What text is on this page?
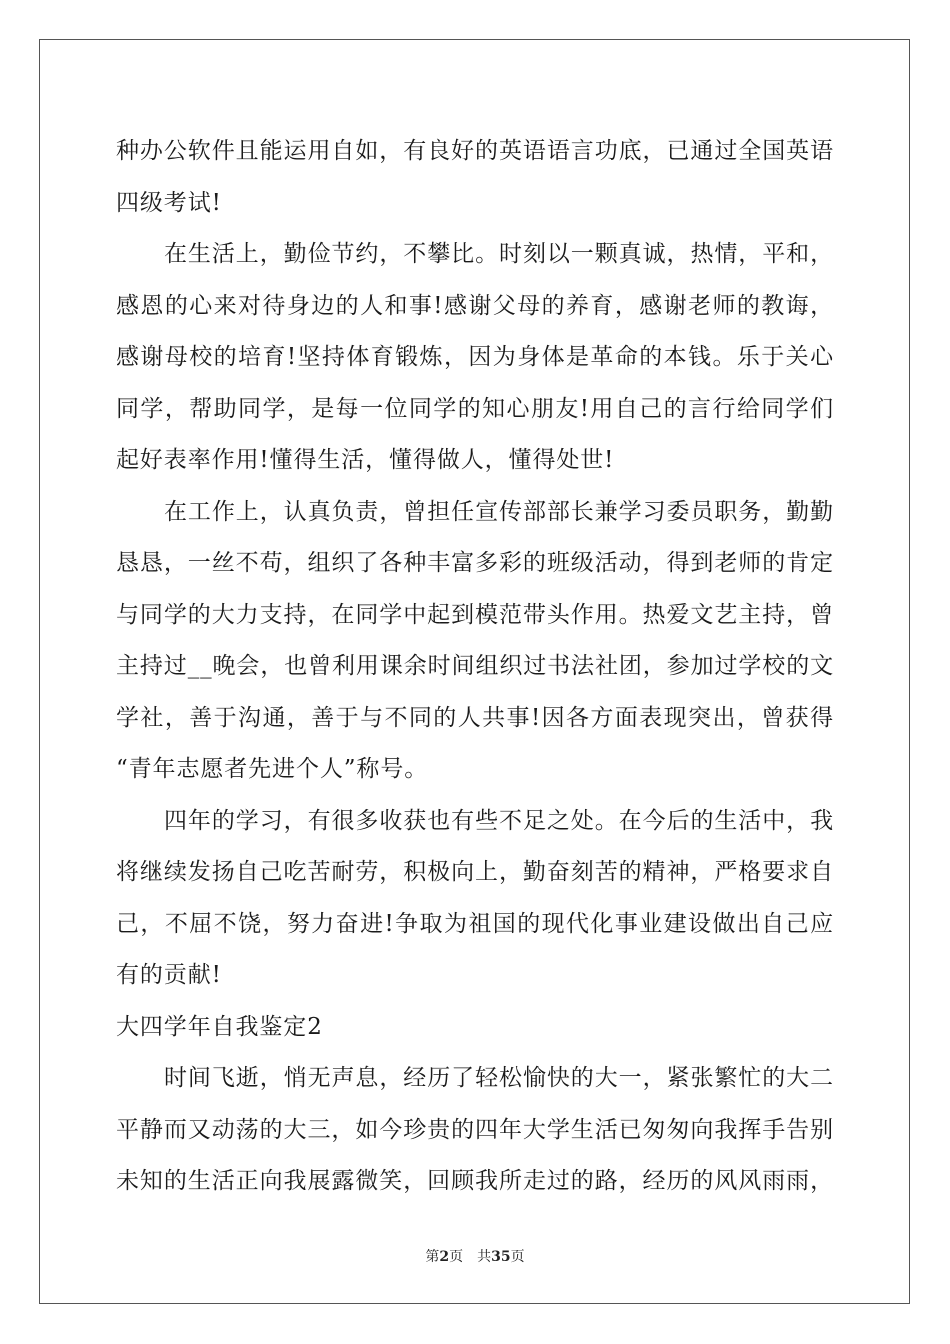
种办公软件且能运用自如，有良好的英语语言功底，已通过全国英语
四级考试!
在生活上，勤俭节约，不攀比。时刻以一颗真诚，热情，平和，
感恩的心来对待身边的人和事!感谢父母的养育，感谢老师的教诲，
感谢母校的培育!坚持体育锻炼，因为身体是革命的本钱。乐于关心
同学，帮助同学，是每一位同学的知心朋友!用自己的言行给同学们
起好表率作用!懂得生活，懂得做人，懂得处世!
在工作上，认真负责，曾担任宣传部部长兼学习委员职务，勤勤
恳恳，一丝不苟，组织了各种丰富多彩的班级活动，得到老师的肯定
与同学的大力支持，在同学中起到模范带头作用。热爱文艺主持，曾
主持过__晚会，也曾利用课余时间组织过书法社团，参加过学校的文
学社，善于沟通，善于与不同的人共事!因各方面表现突出，曾获得
“青年志愿者先进个人”称号。
四年的学习，有很多收获也有些不足之处。在今后的生活中，我
将继续发扬自己吃苦耐劳，积极向上，勤奋刻苦的精神，严格要求自
己，不屈不饶，努力奋进!争取为祖国的现代化事业建设做出自己应
有的贡献!
大四学年自我鉴定2
时间飞逝，悄无声息，经历了轻松愉快的大一，紧张繁忙的大二
平静而又动荡的大三，如今珍贵的四年大学生活已匆匆向我挥手告别
未知的生活正向我展露微笑，回顾我所走过的路，经历的风风雨雨，
第2页 共35页
